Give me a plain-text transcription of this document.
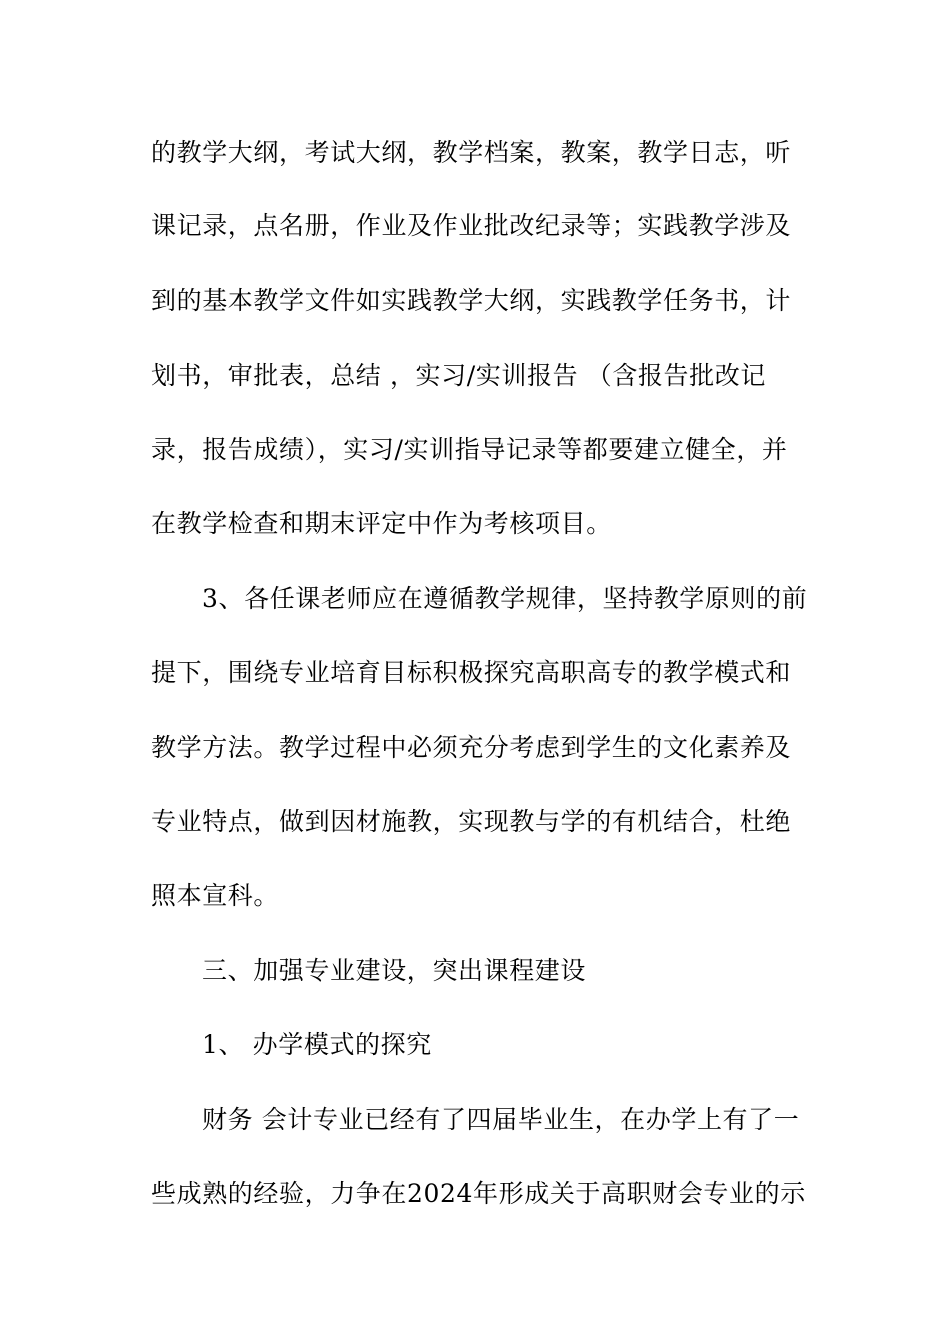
的教学大纲，考试大纲，教学档案，教案，教学日志，听
课记录，点名册，作业及作业批改纪录等；实践教学涉及
到的基本教学文件如实践教学大纲，实践教学任务书，计
划书，审批表，总结 ，实习/实训报告 （含报告批改记
录，报告成绩），实习/实训指导记录等都要建立健全，并
在教学检查和期末评定中作为考核项目。
3、各任课老师应在遵循教学规律，坚持教学原则的前
提下，围绕专业培育目标积极探究高职高专的教学模式和
教学方法。教学过程中必须充分考虑到学生的文化素养及
专业特点，做到因材施教，实现教与学的有机结合，杜绝
照本宣科。
三、加强专业建设，突出课程建设
1、 办学模式的探究
财务 会计专业已经有了四届毕业生，在办学上有了一
些成熟的经验，力争在2024年形成关于高职财会专业的示
